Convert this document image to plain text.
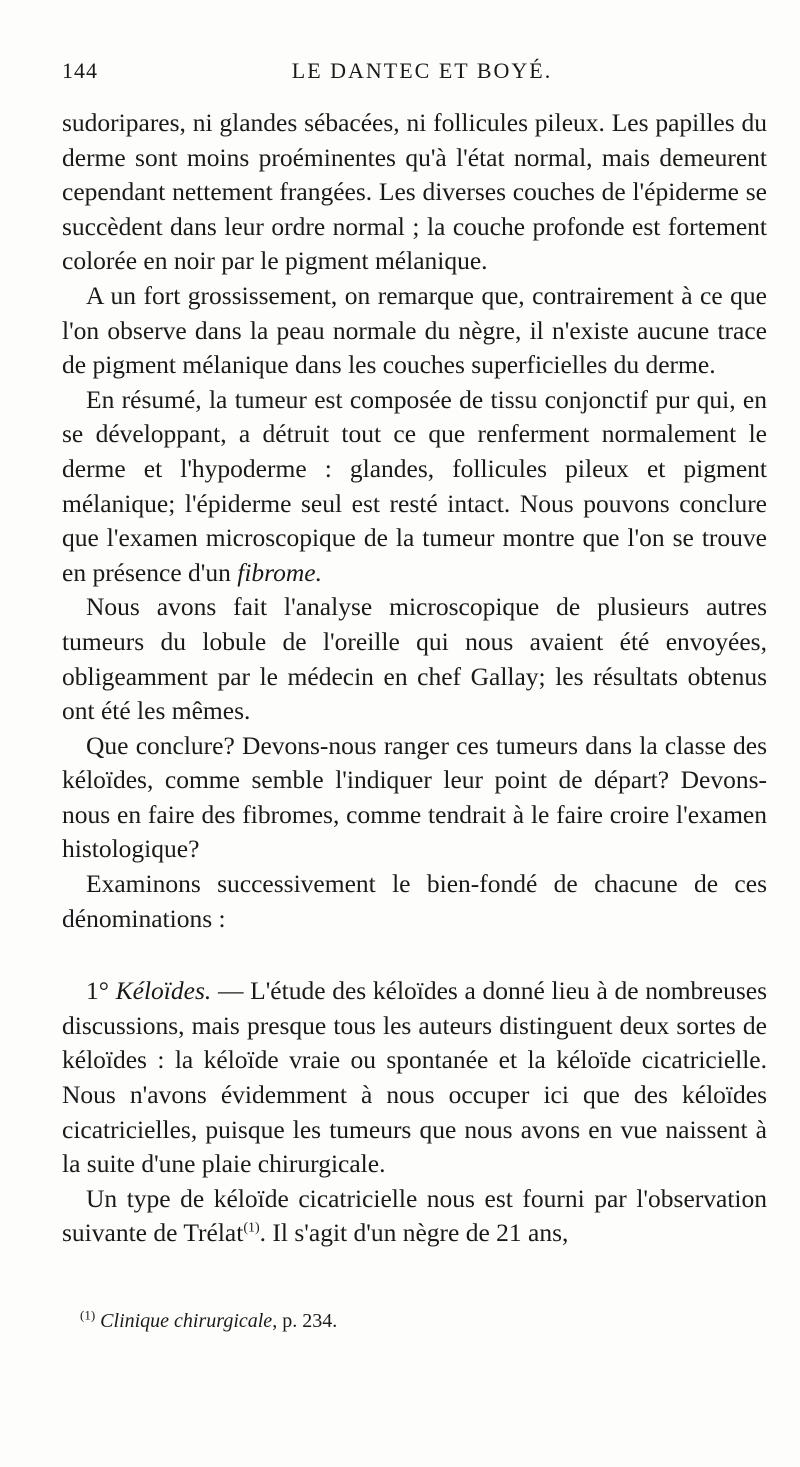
144	LE DANTEC ET BOYÉ.

sudoripares, ni glandes sébacées, ni follicules pileux. Les papilles du derme sont moins proéminentes qu'à l'état normal, mais demeurent cependant nettement frangées. Les diverses couches de l'épiderme se succèdent dans leur ordre normal ; la couche profonde est fortement colorée en noir par le pigment mélanique.

A un fort grossissement, on remarque que, contrairement à ce que l'on observe dans la peau normale du nègre, il n'existe aucune trace de pigment mélanique dans les couches superficielles du derme.

En résumé, la tumeur est composée de tissu conjonctif pur qui, en se développant, a détruit tout ce que renferment normalement le derme et l'hypoderme : glandes, follicules pileux et pigment mélanique; l'épiderme seul est resté intact. Nous pouvons conclure que l'examen microscopique de la tumeur montre que l'on se trouve en présence d'un fibrome.

Nous avons fait l'analyse microscopique de plusieurs autres tumeurs du lobule de l'oreille qui nous avaient été envoyées, obligeamment par le médecin en chef Gallay; les résultats obtenus ont été les mêmes.

Que conclure? Devons-nous ranger ces tumeurs dans la classe des kéloïdes, comme semble l'indiquer leur point de départ? Devons-nous en faire des fibromes, comme tendrait à le faire croire l'examen histologique?

Examinons successivement le bien-fondé de chacune de ces dénominations :

1° Kéloïdes. — L'étude des kéloïdes a donné lieu à de nombreuses discussions, mais presque tous les auteurs distinguent deux sortes de kéloïdes : la kéloïde vraie ou spontanée et la kéloïde cicatricielle. Nous n'avons évidemment à nous occuper ici que des kéloïdes cicatricielles, puisque les tumeurs que nous avons en vue naissent à la suite d'une plaie chirurgicale.

Un type de kéloïde cicatricielle nous est fourni par l'observation suivante de Trélat$^{(1)}$. Il s'agit d'un nègre de 21 ans,

$^{(1)}$ Clinique chirurgicale, p. 234.
